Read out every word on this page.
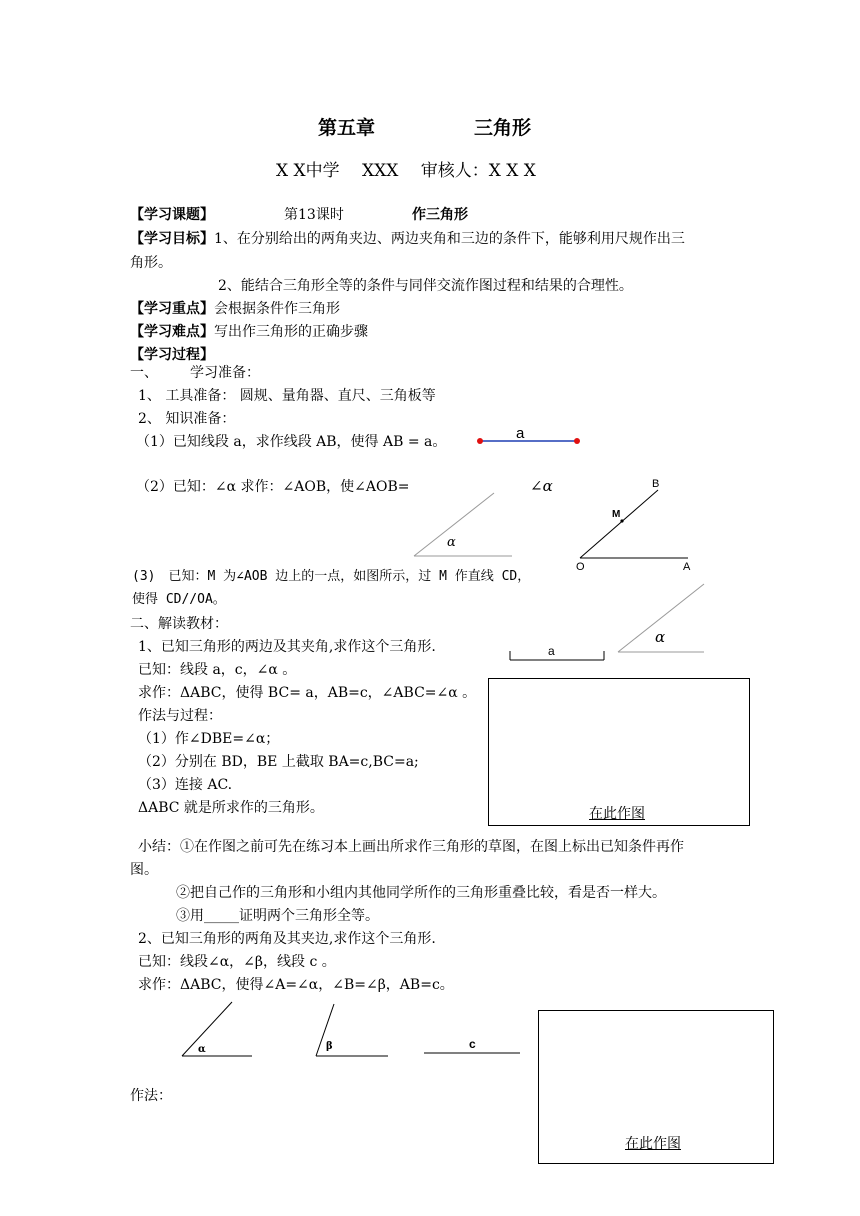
第五章	三角形
X X中学　 XXX　 审核人：X X X
【学习课题】	第13课时	作三角形
【学习目标】1、在分别给出的两角夹边、两边夹角和三边的条件下，能够利用尺规作出三
角形。
2、能结合三角形全等的条件与同伴交流作图过程和结果的合理性。
【学习重点】会根据条件作三角形
【学习难点】写出作三角形的正确步骤
【学习过程】
一、 学习准备：
1、 工具准备： 圆规、量角器、直尺、三角板等
2、 知识准备：
（1）已知线段 a，求作线段 AB，使得 AB = a。	a
（2）已知：∠α 求作：∠AOB，使∠AOB=	∠α
α
B
M
O	A
(3)　已知：M 为∠AOB 边上的一点，如图所示，过 M 作直线 CD，
使得 CD//OA。
二、解读教材：
1、已知三角形的两边及其夹角,求作这个三角形.
α
a
已知：线段 a，c，∠α 。
求作：ΔABC，使得 BC= a，AB=c，∠ABC=∠α 。
作法与过程：
（1）作∠DBE=∠α；
（2）分别在 BD，BE 上截取 BA=c,BC=a;
（3）连接 AC.
ΔABC 就是所求作的三角形。	在此作图
小结：①在作图之前可先在练习本上画出所求作三角形的草图，在图上标出已知条件再作
图。
②把自己作的三角形和小组内其他同学所作的三角形重叠比较，看是否一样大。
③用_____证明两个三角形全等。
2、已知三角形的两角及其夹边,求作这个三角形.
已知：线段∠α，∠β，线段 c 。
求作：ΔABC，使得∠A=∠α，∠B=∠β，AB=c。
α	β	c
作法：
在此作图
